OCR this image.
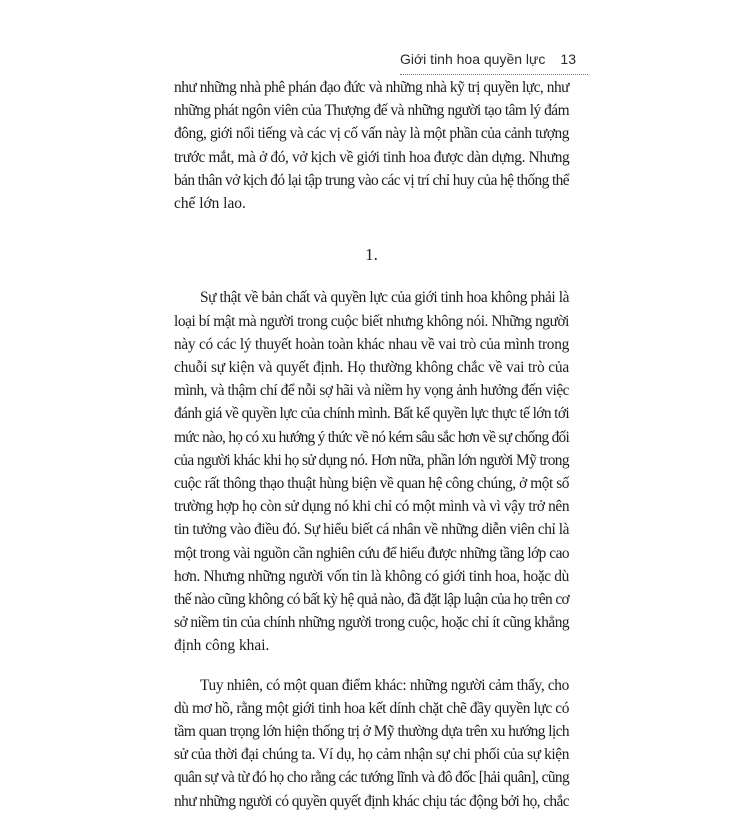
Giới tinh hoa quyền lực 13

như những nhà phê phán đạo đức và những nhà kỹ trị quyền lực, như
những phát ngôn viên của Thượng đế và những người tạo tâm lý đám
đông, giới nổi tiếng và các vị cố vấn này là một phần của cảnh tượng
trước mắt, mà ở đó, vở kịch về giới tinh hoa được dàn dựng. Nhưng
bản thân vở kịch đó lại tập trung vào các vị trí chỉ huy của hệ thống thể
chế lớn lao.

1.

Sự thật về bản chất và quyền lực của giới tinh hoa không phải là
loại bí mật mà người trong cuộc biết nhưng không nói. Những người
này có các lý thuyết hoàn toàn khác nhau về vai trò của mình trong
chuỗi sự kiện và quyết định. Họ thường không chắc về vai trò của
mình, và thậm chí để nỗi sợ hãi và niềm hy vọng ảnh hưởng đến việc
đánh giá về quyền lực của chính mình. Bất kể quyền lực thực tế lớn tới
mức nào, họ có xu hướng ý thức về nó kém sâu sắc hơn về sự chống đối
của người khác khi họ sử dụng nó. Hơn nữa, phần lớn người Mỹ trong
cuộc rất thông thạo thuật hùng biện về quan hệ công chúng, ở một số
trường hợp họ còn sử dụng nó khi chỉ có một mình và vì vậy trở nên
tin tưởng vào điều đó. Sự hiểu biết cá nhân về những diễn viên chỉ là
một trong vài nguồn cần nghiên cứu để hiểu được những tầng lớp cao
hơn. Nhưng những người vốn tin là không có giới tinh hoa, hoặc dù
thế nào cũng không có bất kỳ hệ quả nào, đã đặt lập luận của họ trên cơ
sở niềm tin của chính những người trong cuộc, hoặc chỉ ít cũng khẳng
định công khai.

Tuy nhiên, có một quan điểm khác: những người cảm thấy, cho
dù mơ hồ, rằng một giới tinh hoa kết dính chặt chẽ đầy quyền lực có
tầm quan trọng lớn hiện thống trị ở Mỹ thường dựa trên xu hướng lịch
sử của thời đại chúng ta. Ví dụ, họ cảm nhận sự chi phối của sự kiện
quân sự và từ đó họ cho rằng các tướng lĩnh và đô đốc [hải quân], cũng
như những người có quyền quyết định khác chịu tác động bởi họ, chắc
